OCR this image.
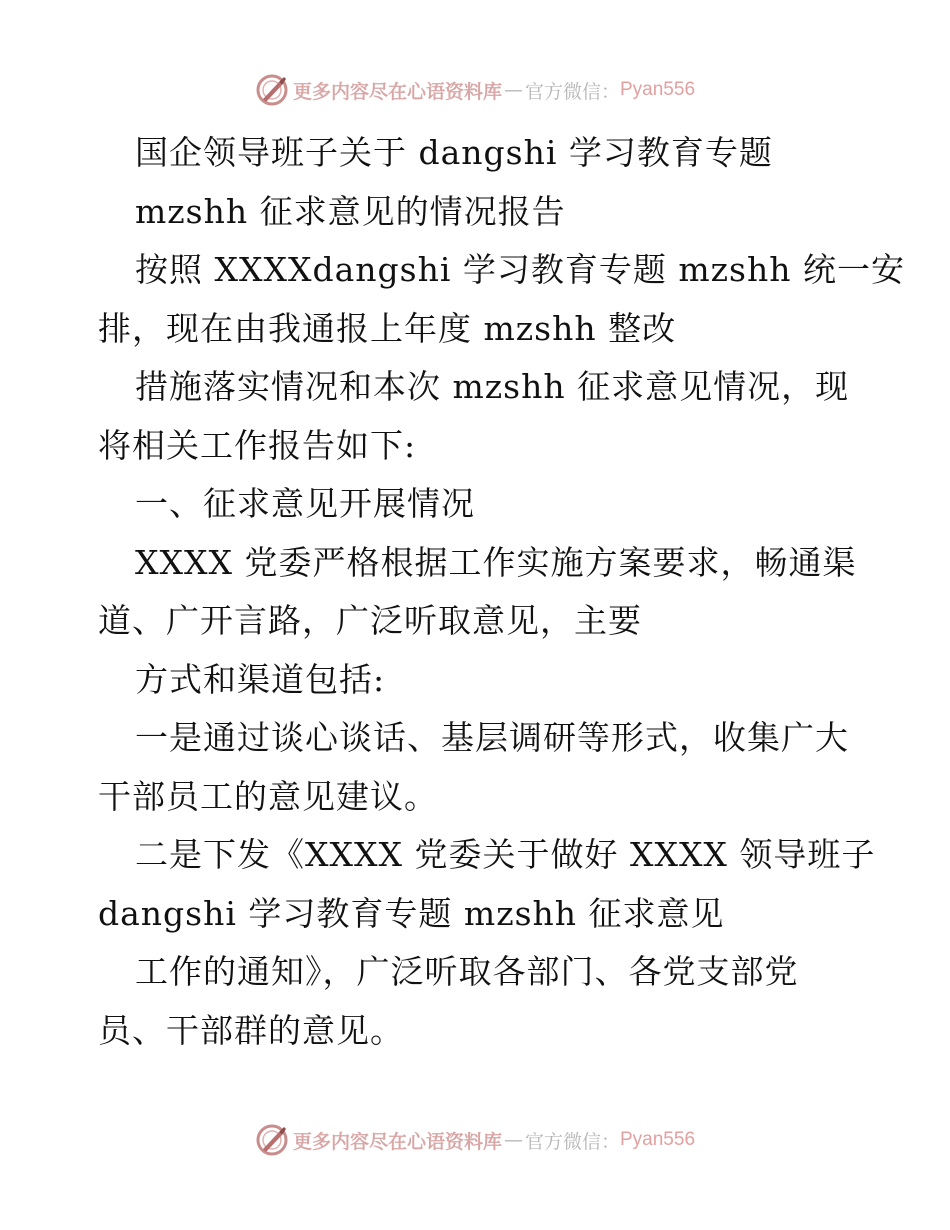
更多内容尽在心语资料库 — 官方微信： Pyan556
国企领导班子关于 dangshi 学习教育专题
mzshh 征求意见的情况报告
按照 XXXXdangshi 学习教育专题 mzshh 统一安
排，现在由我通报上年度 mzshh 整改
措施落实情况和本次 mzshh 征求意见情况，现
将相关工作报告如下:
一、征求意见开展情况
XXXX 党委严格根据工作实施方案要求，畅通渠
道、广开言路，广泛听取意见，主要
方式和渠道包括:
一是通过谈心谈话、基层调研等形式，收集广大
干部员工的意见建议。
二是下发《XXXX 党委关于做好 XXXX 领导班子
dangshi 学习教育专题 mzshh 征求意见
工作的通知》，广泛听取各部门、各党支部党
员、干部群的意见。
更多内容尽在心语资料库 — 官方微信： Pyan556
